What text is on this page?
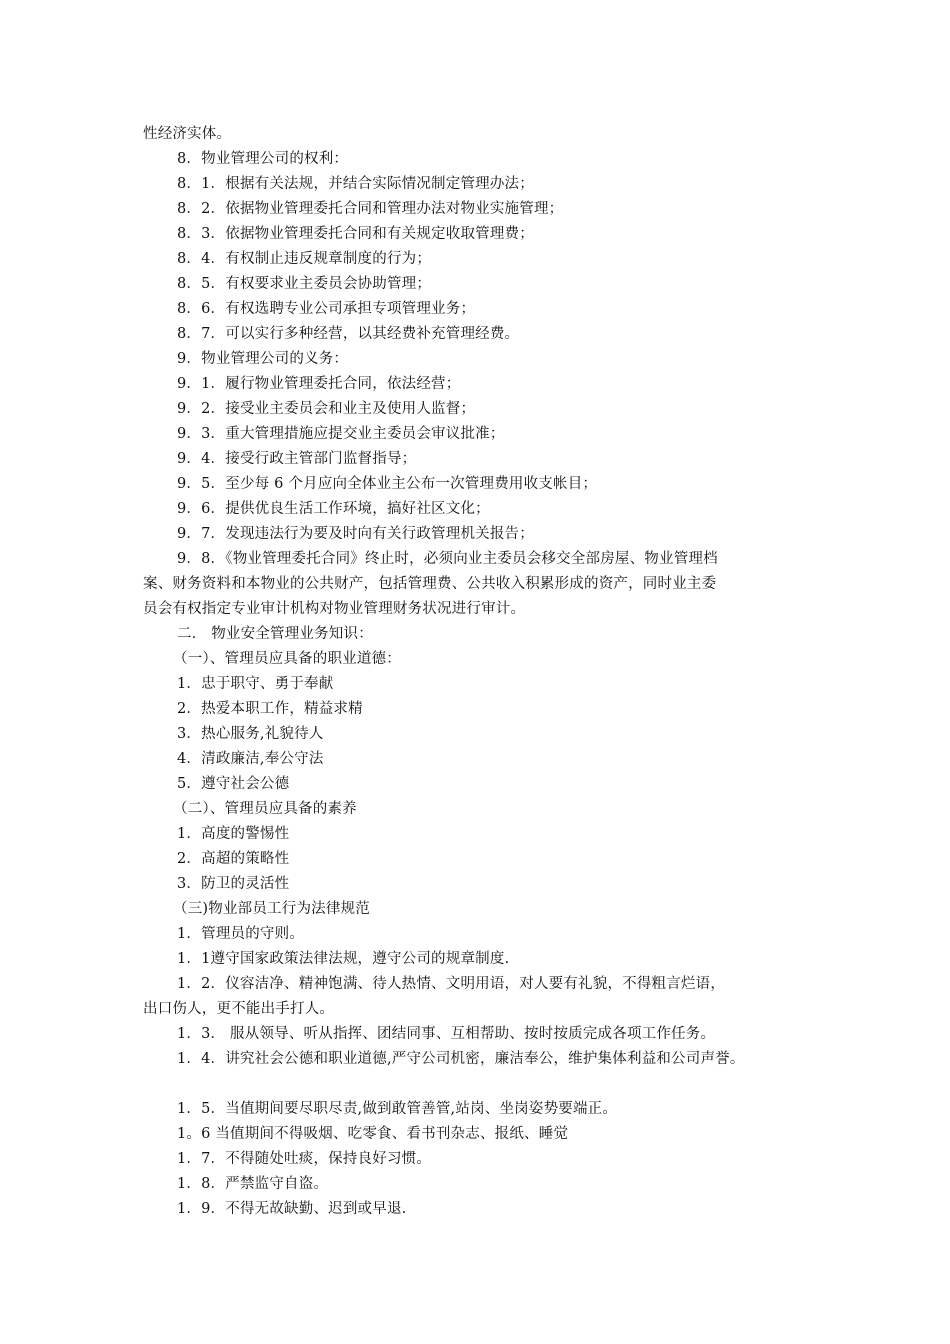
性经济实体。
8．物业管理公司的权利：
8．1．根据有关法规，并结合实际情况制定管理办法；
8．2．依据物业管理委托合同和管理办法对物业实施管理；
8．3．依据物业管理委托合同和有关规定收取管理费；
8．4．有权制止违反规章制度的行为；
8．5．有权要求业主委员会协助管理；
8．6．有权选聘专业公司承担专项管理业务；
8．7．可以实行多种经营，以其经费补充管理经费。
9．物业管理公司的义务：
9．1．履行物业管理委托合同，依法经营；
9．2．接受业主委员会和业主及使用人监督；
9．3．重大管理措施应提交业主委员会审议批准；
9．4．接受行政主管部门监督指导；
9．5．至少每 6 个月应向全体业主公布一次管理费用收支帐目；
9．6．提供优良生活工作环境，搞好社区文化；
9．7．发现违法行为要及时向有关行政管理机关报告；
9．8．《物业管理委托合同》终止时，必须向业主委员会移交全部房屋、物业管理档
案、财务资料和本物业的公共财产，包括管理费、公共收入积累形成的资产，同时业主委
员会有权指定专业审计机构对物业管理财务状况进行审计。
二． 物业安全管理业务知识：
（一）、管理员应具备的职业道德：
1．忠于职守、勇于奉献
2．热爱本职工作，精益求精
3．热心服务,礼貌待人
4．清政廉洁,奉公守法
5．遵守社会公德
（二）、管理员应具备的素养
1．高度的警惕性
2．高超的策略性
3．防卫的灵活性
（三)物业部员工行为法律规范
1．管理员的守则。
1．1遵守国家政策法律法规，遵守公司的规章制度.
1．2．仪容洁净、精神饱满、待人热情、文明用语，对人要有礼貌，不得粗言烂语，
出口伤人，更不能出手打人。
1．3． 服从领导、听从指挥、团结同事、互相帮助、按时按质完成各项工作任务。
1．4．讲究社会公德和职业道德,严守公司机密，廉洁奉公，维护集体利益和公司声誉。
1．5．当值期间要尽职尽责,做到敢管善管,站岗、坐岗姿势要端正。
1。6 当值期间不得吸烟、吃零食、看书刊杂志、报纸、睡觉
1．7．不得随处吐痰，保持良好习惯。
1．8．严禁监守自盗。
1．9．不得无故缺勤、迟到或早退.
